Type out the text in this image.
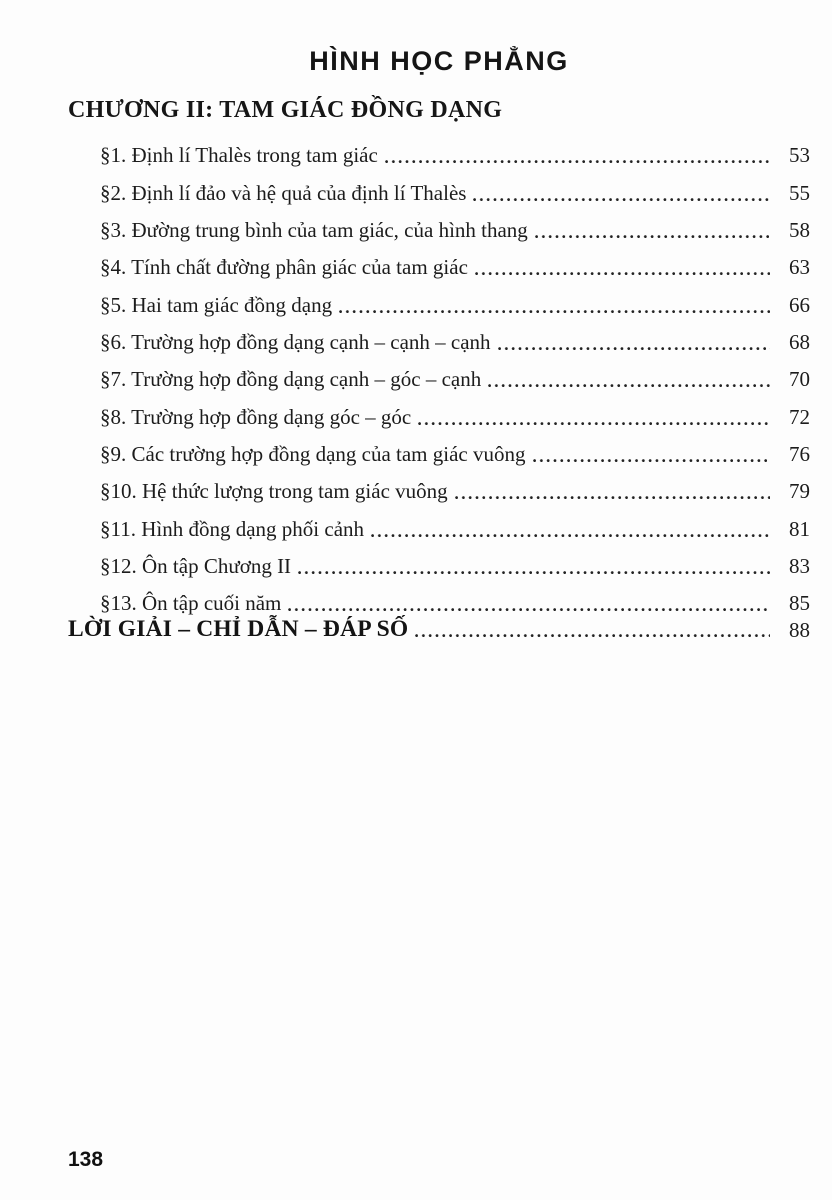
HÌNH HỌC PHẲNG
CHƯƠNG II: TAM GIÁC ĐỒNG DẠNG
§1. Định lí Thalès trong tam giác	53
§2. Định lí đảo và hệ quả của định lí Thalès	55
§3. Đường trung bình của tam giác, của hình thang	58
§4. Tính chất đường phân giác của tam giác	63
§5. Hai tam giác đồng dạng	66
§6. Trường hợp đồng dạng cạnh – cạnh – cạnh	68
§7. Trường hợp đồng dạng cạnh – góc – cạnh	70
§8. Trường hợp đồng dạng góc – góc	72
§9. Các trường hợp đồng dạng của tam giác vuông	76
§10. Hệ thức lượng trong tam giác vuông	79
§11. Hình đồng dạng phối cảnh	81
§12. Ôn tập Chương II	83
§13. Ôn tập cuối năm	85
LỜI GIẢI – CHỈ DẪN – ĐÁP SỐ	88
138
